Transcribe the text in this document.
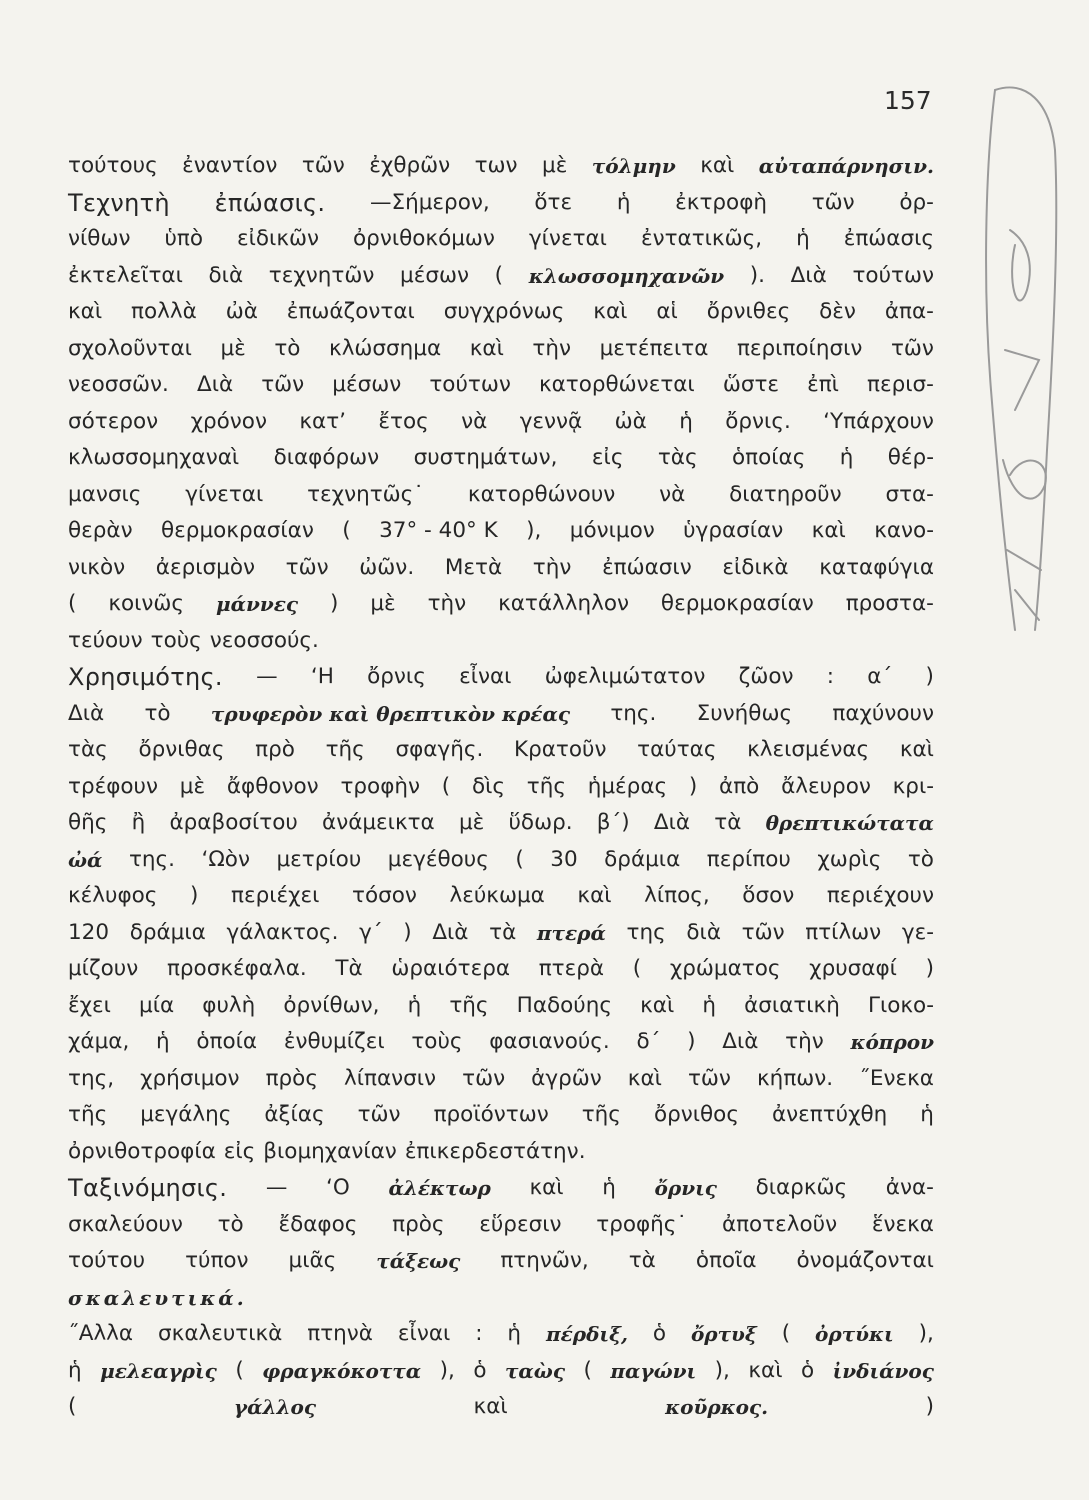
157
τούτους ἐναντίον τῶν ἐχθρῶν των μὲ τόλμην καὶ αὐταπάρνησιν.
Τεχνητὴ ἐπώασις. —Σήμερον, ὅτε ἡ ἐκτροφὴ τῶν ὀρ-
νίθων ὑπὸ εἰδικῶν ὀρνιθοκόμων γίνεται ἐντατικῶς, ἡ ἐπώασις
ἐκτελεῖται διὰ τεχνητῶν μέσων ( κλωσσομηχανῶν ). Διὰ τούτων
καὶ πολλὰ ὠὰ ἐπωάζονται συγχρόνως καὶ αἱ ὄρνιθες δὲν ἀπα-
σχολοῦνται μὲ τὸ κλώσσημα καὶ τὴν μετέπειτα περιποίησιν τῶν
νεοσσῶν. Διὰ τῶν μέσων τούτων κατορθώνεται ὥστε ἐπὶ περισ-
σότερον χρόνον κατ’ ἔτος νὰ γεννᾷ ὠὰ ἡ ὄρνις. ‘Υπάρχουν
κλωσσομηχαναὶ διαφόρων συστημάτων, εἰς τὰς ὁποίας ἡ θέρ-
μανσις γίνεται τεχνητῶς˙ κατορθώνουν νὰ διατηροῦν στα-
θερὰν θερμοκρασίαν ( 37° - 40° K ), μόνιμον ὑγρασίαν καὶ κανο-
νικὸν ἀερισμὸν τῶν ὠῶν. Μετὰ τὴν ἐπώασιν εἰδικὰ καταφύγια
( κοινῶς μάννες ) μὲ τὴν κατάλληλον θερμοκρασίαν προστα-
τεύουν τοὺς νεοσσούς.
Χρησιμότης. — ‘Η ὄρνις εἶναι ὠφελιμώτατον ζῶον : α´ )
Διὰ τὸ τρυφερὸν καὶ θρεπτικὸν κρέας της. Συνήθως παχύνουν
τὰς ὄρνιθας πρὸ τῆς σφαγῆς. Κρατοῦν ταύτας κλεισμένας καὶ
τρέφουν μὲ ἄφθονον τροφὴν ( δὶς τῆς ἡμέρας ) ἀπὸ ἄλευρον κρι-
θῆς ἢ ἀραβοσίτου ἀνάμεικτα μὲ ὕδωρ. β´) Διὰ τὰ θρεπτικώτατα
ὠά της. ‘Ωὸν μετρίου μεγέθους ( 30 δράμια περίπου χωρὶς τὸ
κέλυφος ) περιέχει τόσον λεύκωμα καὶ λίπος, ὅσον περιέχουν
120 δράμια γάλακτος. γ´ ) Διὰ τὰ πτερά της διὰ τῶν πτίλων γε-
μίζουν προσκέφαλα. Τὰ ὡραιότερα πτερὰ ( χρώματος χρυσαφί )
ἔχει μία φυλὴ ὀρνίθων, ἡ τῆς Παδούης καὶ ἡ ἀσιατικὴ Γιοκο-
χάμα, ἡ ὁποία ἐνθυμίζει τοὺς φασιανούς. δ´ ) Διὰ τὴν κόπρον
της, χρήσιμον πρὸς λίπανσιν τῶν ἀγρῶν καὶ τῶν κήπων. ˝Ενεκα
τῆς μεγάλης ἀξίας τῶν προϊόντων τῆς ὄρνιθος ἀνεπτύχθη ἡ
ὀρνιθοτροφία εἰς βιομηχανίαν ἐπικερδεστάτην.
Ταξινόμησις. — ‘Ο ἀλέκτωρ καὶ ἡ ὄρνις διαρκῶς ἀνα-
σκαλεύουν τὸ ἔδαφος πρὸς εὕρεσιν τροφῆς˙ ἀποτελοῦν ἕνεκα
τούτου τύπον μιᾶς τάξεως πτηνῶν, τὰ ὁποῖα ὀνομάζονται
σκαλευτικά.
˝Αλλα σκαλευτικὰ πτηνὰ εἶναι : ἡ πέρδιξ, ὁ ὄρτυξ ( ὀρτύκι ),
ἡ μελεαγρὶς ( φραγκόκοττα ), ὁ ταὼς ( παγώνι ), καὶ ὁ ἰνδιάνος
(	γάλλος	καὶ	κοῦρκος.	)
